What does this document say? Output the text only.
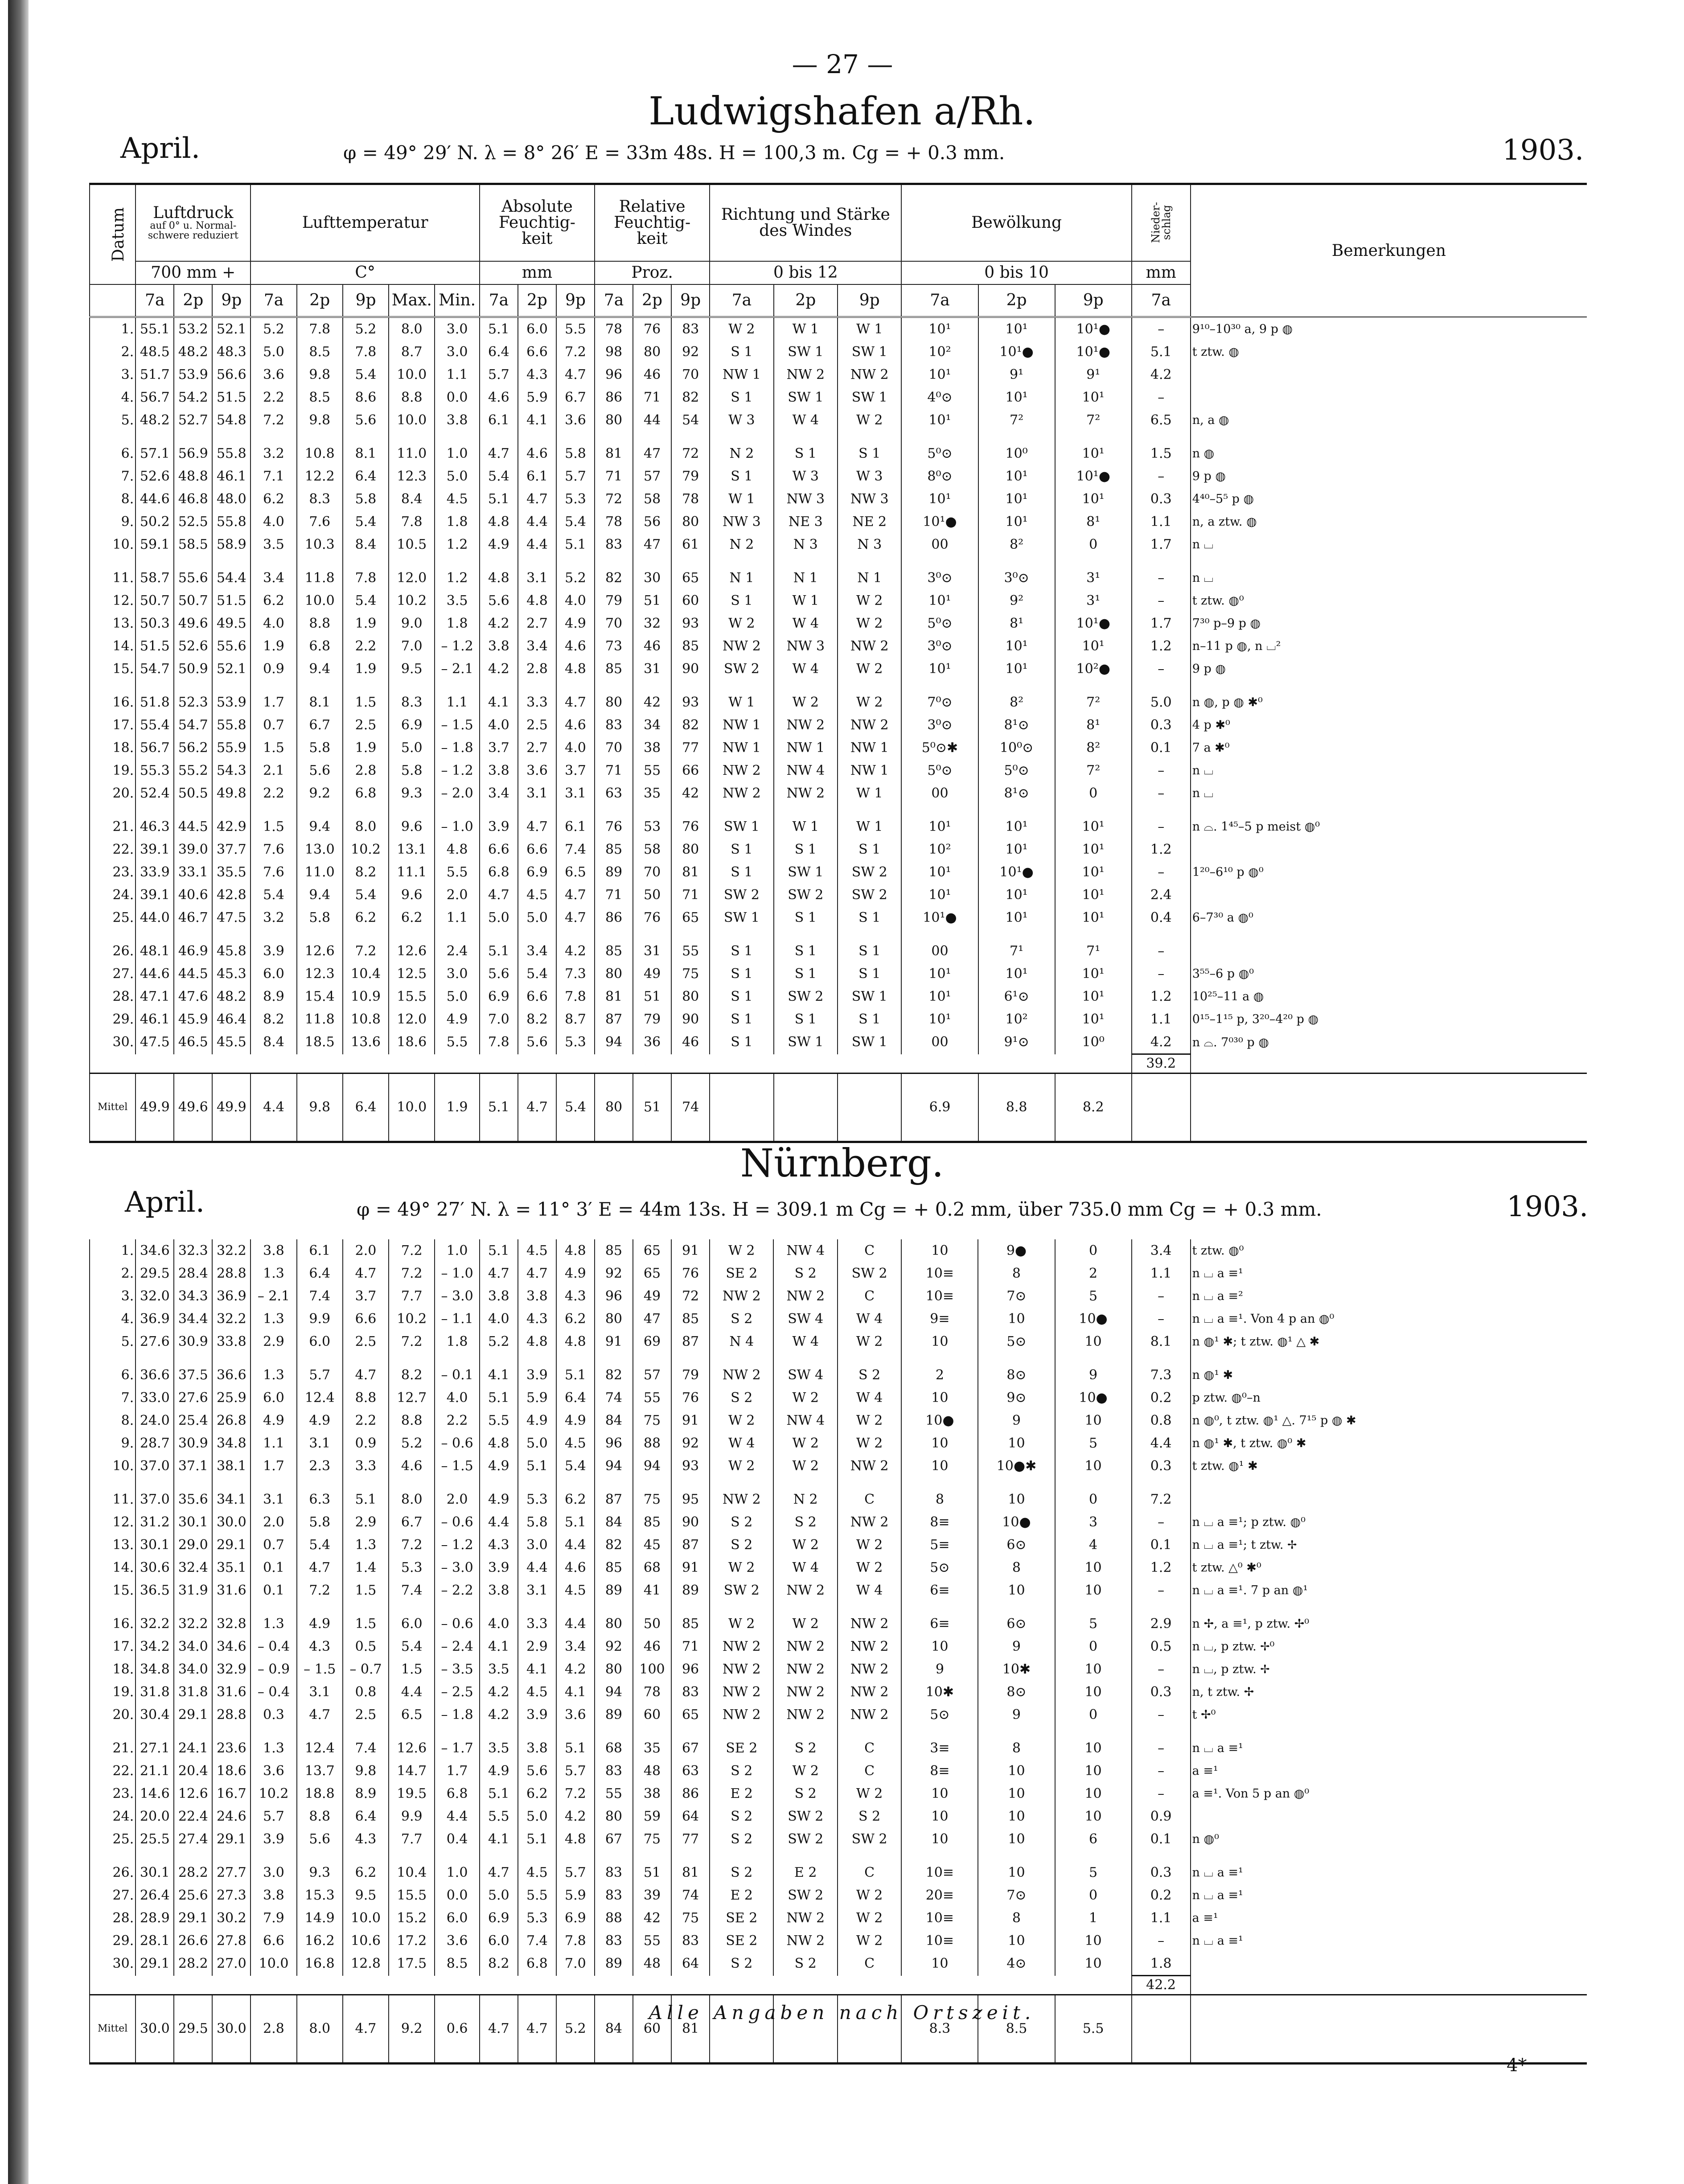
— 27 —
Ludwigshafen a/Rh.
April.	φ = 49° 29′ N. λ = 8° 26′ E = 33m 48s. H = 100,3 m. Cg = + 0.3 mm.	1903.
Datum	Luftdruck
auf 0° u. Normal-
schwere reduziert			Lufttemperatur					Absolute Feuchtig- keit			Relative Feuchtig- keit			Richtung und Stärke des Windes			Bewölkung			Nieder- schlag	Bemerkungen
	700 mm +			C°					mm			Proz.			0 bis 12			0 bis 10			mm	
	7a	2p	9p	7a	2p	9p	Max.	Min.	7a	2p	9p	7a	2p	9p	7a	2p	9p	7a	2p	9p	7a	
1.	55.1	53.2	52.1	5.2	7.8	5.2	8.0	3.0	5.1	6.0	5.5	78	76	83	W 2	W 1	W 1	10¹	10¹	10¹●	–	9¹⁰–10³⁰ a, 9 p ◍
2.	48.5	48.2	48.3	5.0	8.5	7.8	8.7	3.0	6.4	6.6	7.2	98	80	92	S 1	SW 1	SW 1	10²	10¹●	10¹●	5.1	t ztw. ◍
3.	51.7	53.9	56.6	3.6	9.8	5.4	10.0	1.1	5.7	4.3	4.7	96	46	70	NW 1	NW 2	NW 2	10¹	9¹	9¹	4.2	
4.	56.7	54.2	51.5	2.2	8.5	8.6	8.8	0.0	4.6	5.9	6.7	86	71	82	S 1	SW 1	SW 1	4⁰⊙	10¹	10¹	–	
5.	48.2	52.7	54.8	7.2	9.8	5.6	10.0	3.8	6.1	4.1	3.6	80	44	54	W 3	W 4	W 2	10¹	7²	7²	6.5	n, a ◍

6.	57.1	56.9	55.8	3.2	10.8	8.1	11.0	1.0	4.7	4.6	5.8	81	47	72	N 2	S 1	S 1	5⁰⊙	10⁰	10¹	1.5	n ◍
7.	52.6	48.8	46.1	7.1	12.2	6.4	12.3	5.0	5.4	6.1	5.7	71	57	79	S 1	W 3	W 3	8⁰⊙	10¹	10¹●	–	9 p ◍
8.	44.6	46.8	48.0	6.2	8.3	5.8	8.4	4.5	5.1	4.7	5.3	72	58	78	W 1	NW 3	NW 3	10¹	10¹	10¹	0.3	4⁴⁰–5⁵ p ◍
9.	50.2	52.5	55.8	4.0	7.6	5.4	7.8	1.8	4.8	4.4	5.4	78	56	80	NW 3	NE 3	NE 2	10¹●	10¹	8¹	1.1	n, a ztw. ◍
10.	59.1	58.5	58.9	3.5	10.3	8.4	10.5	1.2	4.9	4.4	5.1	83	47	61	N 2	N 3	N 3	00	8²	0	1.7	n ⌴

11.	58.7	55.6	54.4	3.4	11.8	7.8	12.0	1.2	4.8	3.1	5.2	82	30	65	N 1	N 1	N 1	3⁰⊙	3⁰⊙	3¹	–	n ⌴
12.	50.7	50.7	51.5	6.2	10.0	5.4	10.2	3.5	5.6	4.8	4.0	79	51	60	S 1	W 1	W 2	10¹	9²	3¹	–	t ztw. ◍⁰
13.	50.3	49.6	49.5	4.0	8.8	1.9	9.0	1.8	4.2	2.7	4.9	70	32	93	W 2	W 4	W 2	5⁰⊙	8¹	10¹●	1.7	7³⁰ p–9 p ◍
14.	51.5	52.6	55.6	1.9	6.8	2.2	7.0	– 1.2	3.8	3.4	4.6	73	46	85	NW 2	NW 3	NW 2	3⁰⊙	10¹	10¹	1.2	n–11 p ◍, n ⌴²
15.	54.7	50.9	52.1	0.9	9.4	1.9	9.5	– 2.1	4.2	2.8	4.8	85	31	90	SW 2	W 4	W 2	10¹	10¹	10²●	–	9 p ◍

16.	51.8	52.3	53.9	1.7	8.1	1.5	8.3	1.1	4.1	3.3	4.7	80	42	93	W 1	W 2	W 2	7⁰⊙	8²	7²	5.0	n ◍, p ◍ ✱⁰
17.	55.4	54.7	55.8	0.7	6.7	2.5	6.9	– 1.5	4.0	2.5	4.6	83	34	82	NW 1	NW 2	NW 2	3⁰⊙	8¹⊙	8¹	0.3	4 p ✱⁰
18.	56.7	56.2	55.9	1.5	5.8	1.9	5.0	– 1.8	3.7	2.7	4.0	70	38	77	NW 1	NW 1	NW 1	5⁰⊙✱	10⁰⊙	8²	0.1	7 a ✱⁰
19.	55.3	55.2	54.3	2.1	5.6	2.8	5.8	– 1.2	3.8	3.6	3.7	71	55	66	NW 2	NW 4	NW 1	5⁰⊙	5⁰⊙	7²	–	n ⌴
20.	52.4	50.5	49.8	2.2	9.2	6.8	9.3	– 2.0	3.4	3.1	3.1	63	35	42	NW 2	NW 2	W 1	00	8¹⊙	0	–	n ⌴

21.	46.3	44.5	42.9	1.5	9.4	8.0	9.6	– 1.0	3.9	4.7	6.1	76	53	76	SW 1	W 1	W 1	10¹	10¹	10¹	–	n ⌓. 1⁴⁵–5 p meist ◍⁰
22.	39.1	39.0	37.7	7.6	13.0	10.2	13.1	4.8	6.6	6.6	7.4	85	58	80	S 1	S 1	S 1	10²	10¹	10¹	1.2	
23.	33.9	33.1	35.5	7.6	11.0	8.2	11.1	5.5	6.8	6.9	6.5	89	70	81	S 1	SW 1	SW 2	10¹	10¹●	10¹	–	1²⁰–6¹⁰ p ◍⁰
24.	39.1	40.6	42.8	5.4	9.4	5.4	9.6	2.0	4.7	4.5	4.7	71	50	71	SW 2	SW 2	SW 2	10¹	10¹	10¹	2.4	
25.	44.0	46.7	47.5	3.2	5.8	6.2	6.2	1.1	5.0	5.0	4.7	86	76	65	SW 1	S 1	S 1	10¹●	10¹	10¹	0.4	6–7³⁰ a ◍⁰

26.	48.1	46.9	45.8	3.9	12.6	7.2	12.6	2.4	5.1	3.4	4.2	85	31	55	S 1	S 1	S 1	00	7¹	7¹	–	
27.	44.6	44.5	45.3	6.0	12.3	10.4	12.5	3.0	5.6	5.4	7.3	80	49	75	S 1	S 1	S 1	10¹	10¹	10¹	–	3⁵⁵–6 p ◍⁰
28.	47.1	47.6	48.2	8.9	15.4	10.9	15.5	5.0	6.9	6.6	7.8	81	51	80	S 1	SW 2	SW 1	10¹	6¹⊙	10¹	1.2	10²⁵–11 a ◍
29.	46.1	45.9	46.4	8.2	11.8	10.8	12.0	4.9	7.0	8.2	8.7	87	79	90	S 1	S 1	S 1	10¹	10²	10¹	1.1	0¹⁵–1¹⁵ p, 3²⁰–4²⁰ p ◍
30.	47.5	46.5	45.5	8.4	18.5	13.6	18.6	5.5	7.8	5.6	5.3	94	36	46	S 1	SW 1	SW 1	00	9¹⊙	10⁰	4.2	n ⌓. 7⁰³⁰ p ◍
																					39.2	
Mittel	49.9	49.6	49.9	4.4	9.8	6.4	10.0	1.9	5.1	4.7	5.4	80	51	74				6.9	8.8	8.2		
Nürnberg.
April.	φ = 49° 27′ N. λ = 11° 3′ E = 44m 13s. H = 309.1 m Cg = + 0.2 mm, über 735.0 mm Cg = + 0.3 mm.	1903.
1.	34.6	32.3	32.2	3.8	6.1	2.0	7.2	1.0	5.1	4.5	4.8	85	65	91	W 2	NW 4	C	10	9●	0	3.4	t ztw. ◍⁰
2.	29.5	28.4	28.8	1.3	6.4	4.7	7.2	– 1.0	4.7	4.7	4.9	92	65	76	SE 2	S 2	SW 2	10≡	8	2	1.1	n ⌴ a ≡¹
3.	32.0	34.3	36.9	– 2.1	7.4	3.7	7.7	– 3.0	3.8	3.8	4.3	96	49	72	NW 2	NW 2	C	10≡	7⊙	5	–	n ⌴ a ≡²
4.	36.9	34.4	32.2	1.3	9.9	6.6	10.2	– 1.1	4.0	4.3	6.2	80	47	85	S 2	SW 4	W 4	9≡	10	10●	–	n ⌴ a ≡¹. Von 4 p an ◍⁰
5.	27.6	30.9	33.8	2.9	6.0	2.5	7.2	1.8	5.2	4.8	4.8	91	69	87	N 4	W 4	W 2	10	5⊙	10	8.1	n ◍¹ ✱; t ztw. ◍¹ △ ✱

6.	36.6	37.5	36.6	1.3	5.7	4.7	8.2	– 0.1	4.1	3.9	5.1	82	57	79	NW 2	SW 4	S 2	2	8⊙	9	7.3	n ◍¹ ✱
7.	33.0	27.6	25.9	6.0	12.4	8.8	12.7	4.0	5.1	5.9	6.4	74	55	76	S 2	W 2	W 4	10	9⊙	10●	0.2	p ztw. ◍⁰–n
8.	24.0	25.4	26.8	4.9	4.9	2.2	8.8	2.2	5.5	4.9	4.9	84	75	91	W 2	NW 4	W 2	10●	9	10	0.8	n ◍⁰, t ztw. ◍¹ △. 7¹⁵ p ◍ ✱
9.	28.7	30.9	34.8	1.1	3.1	0.9	5.2	– 0.6	4.8	5.0	4.5	96	88	92	W 4	W 2	W 2	10	10	5	4.4	n ◍¹ ✱, t ztw. ◍⁰ ✱
10.	37.0	37.1	38.1	1.7	2.3	3.3	4.6	– 1.5	4.9	5.1	5.4	94	94	93	W 2	W 2	NW 2	10	10●✱	10	0.3	t ztw. ◍¹ ✱

11.	37.0	35.6	34.1	3.1	6.3	5.1	8.0	2.0	4.9	5.3	6.2	87	75	95	NW 2	N 2	C	8	10	0	7.2	
12.	31.2	30.1	30.0	2.0	5.8	2.9	6.7	– 0.6	4.4	5.8	5.1	84	85	90	S 2	S 2	NW 2	8≡	10●	3	–	n ⌴ a ≡¹; p ztw. ◍⁰
13.	30.1	29.0	29.1	0.7	5.4	1.3	7.2	– 1.2	4.3	3.0	4.4	82	45	87	S 2	W 2	W 2	5≡	6⊙	4	0.1	n ⌴ a ≡¹; t ztw. ✢
14.	30.6	32.4	35.1	0.1	4.7	1.4	5.3	– 3.0	3.9	4.4	4.6	85	68	91	W 2	W 4	W 2	5⊙	8	10	1.2	t ztw. △⁰ ✱⁰
15.	36.5	31.9	31.6	0.1	7.2	1.5	7.4	– 2.2	3.8	3.1	4.5	89	41	89	SW 2	NW 2	W 4	6≡	10	10	–	n ⌴ a ≡¹. 7 p an ◍¹

16.	32.2	32.2	32.8	1.3	4.9	1.5	6.0	– 0.6	4.0	3.3	4.4	80	50	85	W 2	W 2	NW 2	6≡	6⊙	5	2.9	n ✢, a ≡¹, p ztw. ✢⁰
17.	34.2	34.0	34.6	– 0.4	4.3	0.5	5.4	– 2.4	4.1	2.9	3.4	92	46	71	NW 2	NW 2	NW 2	10	9	0	0.5	n ⌴, p ztw. ✢⁰
18.	34.8	34.0	32.9	– 0.9	– 1.5	– 0.7	1.5	– 3.5	3.5	4.1	4.2	80	100	96	NW 2	NW 2	NW 2	9	10✱	10	–	n ⌴, p ztw. ✢
19.	31.8	31.8	31.6	– 0.4	3.1	0.8	4.4	– 2.5	4.2	4.5	4.1	94	78	83	NW 2	NW 2	NW 2	10✱	8⊙	10	0.3	n, t ztw. ✢
20.	30.4	29.1	28.8	0.3	4.7	2.5	6.5	– 1.8	4.2	3.9	3.6	89	60	65	NW 2	NW 2	NW 2	5⊙	9	0	–	t ✢⁰

21.	27.1	24.1	23.6	1.3	12.4	7.4	12.6	– 1.7	3.5	3.8	5.1	68	35	67	SE 2	S 2	C	3≡	8	10	–	n ⌴ a ≡¹
22.	21.1	20.4	18.6	3.6	13.7	9.8	14.7	1.7	4.9	5.6	5.7	83	48	63	S 2	W 2	C	8≡	10	10	–	a ≡¹
23.	14.6	12.6	16.7	10.2	18.8	8.9	19.5	6.8	5.1	6.2	7.2	55	38	86	E 2	S 2	W 2	10	10	10	–	a ≡¹. Von 5 p an ◍⁰
24.	20.0	22.4	24.6	5.7	8.8	6.4	9.9	4.4	5.5	5.0	4.2	80	59	64	S 2	SW 2	S 2	10	10	10	0.9	
25.	25.5	27.4	29.1	3.9	5.6	4.3	7.7	0.4	4.1	5.1	4.8	67	75	77	S 2	SW 2	SW 2	10	10	6	0.1	n ◍⁰

26.	30.1	28.2	27.7	3.0	9.3	6.2	10.4	1.0	4.7	4.5	5.7	83	51	81	S 2	E 2	C	10≡	10	5	0.3	n ⌴ a ≡¹
27.	26.4	25.6	27.3	3.8	15.3	9.5	15.5	0.0	5.0	5.5	5.9	83	39	74	E 2	SW 2	W 2	20≡	7⊙	0	0.2	n ⌴ a ≡¹
28.	28.9	29.1	30.2	7.9	14.9	10.0	15.2	6.0	6.9	5.3	6.9	88	42	75	SE 2	NW 2	W 2	10≡	8	1	1.1	a ≡¹
29.	28.1	26.6	27.8	6.6	16.2	10.6	17.2	3.6	6.0	7.4	7.8	83	55	83	SE 2	NW 2	W 2	10≡	10	10	–	n ⌴ a ≡¹
30.	29.1	28.2	27.0	10.0	16.8	12.8	17.5	8.5	8.2	6.8	7.0	89	48	64	S 2	S 2	C	10	4⊙	10	1.8	
																					42.2	
Mittel	30.0	29.5	30.0	2.8	8.0	4.7	9.2	0.6	4.7	4.7	5.2	84	60	81				8.3	8.5	5.5		
Alle Angaben nach Ortszeit.
4*
